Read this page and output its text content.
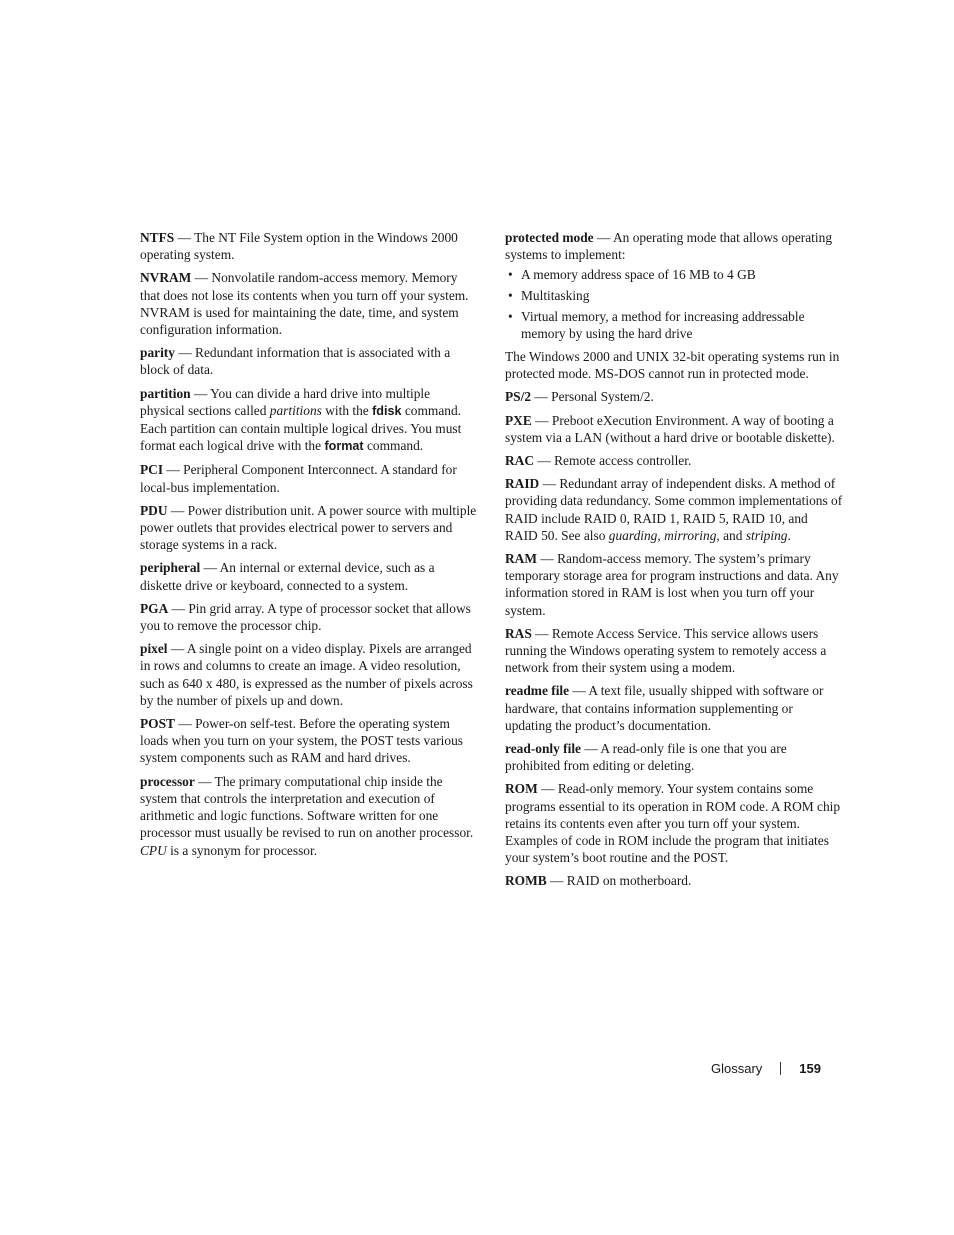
NTFS — The NT File System option in the Windows 2000 operating system.

NVRAM — Nonvolatile random-access memory. Memory that does not lose its contents when you turn off your system. NVRAM is used for maintaining the date, time, and system configuration information.

parity — Redundant information that is associated with a block of data.

partition — You can divide a hard drive into multiple physical sections called partitions with the fdisk command. Each partition can contain multiple logical drives. You must format each logical drive with the format command.

PCI — Peripheral Component Interconnect. A standard for local-bus implementation.

PDU — Power distribution unit. A power source with multiple power outlets that provides electrical power to servers and storage systems in a rack.

peripheral — An internal or external device, such as a diskette drive or keyboard, connected to a system.

PGA — Pin grid array. A type of processor socket that allows you to remove the processor chip.

pixel — A single point on a video display. Pixels are arranged in rows and columns to create an image. A video resolution, such as 640 x 480, is expressed as the number of pixels across by the number of pixels up and down.

POST — Power-on self-test. Before the operating system loads when you turn on your system, the POST tests various system components such as RAM and hard drives.

processor — The primary computational chip inside the system that controls the interpretation and execution of arithmetic and logic functions. Software written for one processor must usually be revised to run on another processor. CPU is a synonym for processor.

protected mode — An operating mode that allows operating systems to implement:

• A memory address space of 16 MB to 4 GB
• Multitasking
• Virtual memory, a method for increasing addressable memory by using the hard drive

The Windows 2000 and UNIX 32-bit operating systems run in protected mode. MS-DOS cannot run in protected mode.

PS/2 — Personal System/2.

PXE — Preboot eXecution Environment. A way of booting a system via a LAN (without a hard drive or bootable diskette).

RAC — Remote access controller.

RAID — Redundant array of independent disks. A method of providing data redundancy. Some common implementations of RAID include RAID 0, RAID 1, RAID 5, RAID 10, and RAID 50. See also guarding, mirroring, and striping.

RAM — Random-access memory. The system’s primary temporary storage area for program instructions and data. Any information stored in RAM is lost when you turn off your system.

RAS — Remote Access Service. This service allows users running the Windows operating system to remotely access a network from their system using a modem.

readme file — A text file, usually shipped with software or hardware, that contains information supplementing or updating the product’s documentation.

read-only file — A read-only file is one that you are prohibited from editing or deleting.

ROM — Read-only memory. Your system contains some programs essential to its operation in ROM code. A ROM chip retains its contents even after you turn off your system. Examples of code in ROM include the program that initiates your system’s boot routine and the POST.

ROMB — RAID on motherboard.

Glossary	159
